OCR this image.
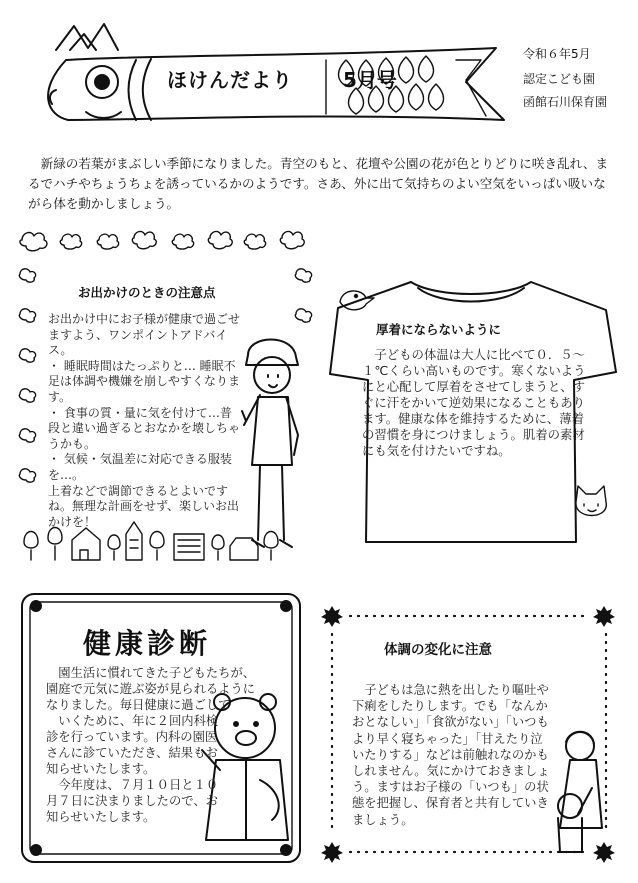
ほけんだより	5月号
令和６年5月
認定こども園
函館石川保育園
新緑の若葉がまぶしい季節になりました。青空のもと、花壇や公園の花が色とりどりに咲き乱れ、まるでハチやちょうちょを誘っているかのようです。さあ、外に出て気持ちのよい空気をいっぱい吸いながら体を動かしましょう。
お出かけのときの注意点

お出かけ中にお子様が健康で過ごせますよう、ワンポイントアドバイス。

・ 睡眠時間はたっぷりと… 睡眠不足は体調や機嫌を崩しやすくなります。

・ 食事の質・量に気を付けて…普段と違い過ぎるとおなかを壊しちゃうかも。

・ 気候・気温差に対応できる服装を…。

上着などで調節できるとよいですね。無理な計画をせず、楽しいお出かけを！

厚着にならないように
子どもの体温は大人に比べて０．５～１℃くらい高いものです。寒くないようにと心配して厚着をさせてしまうと、すぐに汗をかいて逆効果になることもあります。健康な体を維持するために、薄着の習慣を身につけましょう。肌着の素材にも気を付けたいですね。
健康診断

園生活に慣れてきた子どもたちが、園庭で元気に遊ぶ姿が見られるようになりました。毎日健康に過ごして

いくために、年に２回内科検診を行っています。内科の園医さんに診ていただき、結果もお知らせいたします。

今年度は、７月１０日と１０月７日に決まりましたので、お知らせいたします。

体調の変化に注意
子どもは急に熱を出したり嘔吐や下痢をしたりします。でも「なんかおとなしい」「食欲がない」「いつもより早く寝ちゃった」「甘えたり泣いたりする」などは前触れなのかもしれません。気にかけておきましょう。ますはお子様の「いつも」の状態を把握し、保育者と共有していきましょう。
